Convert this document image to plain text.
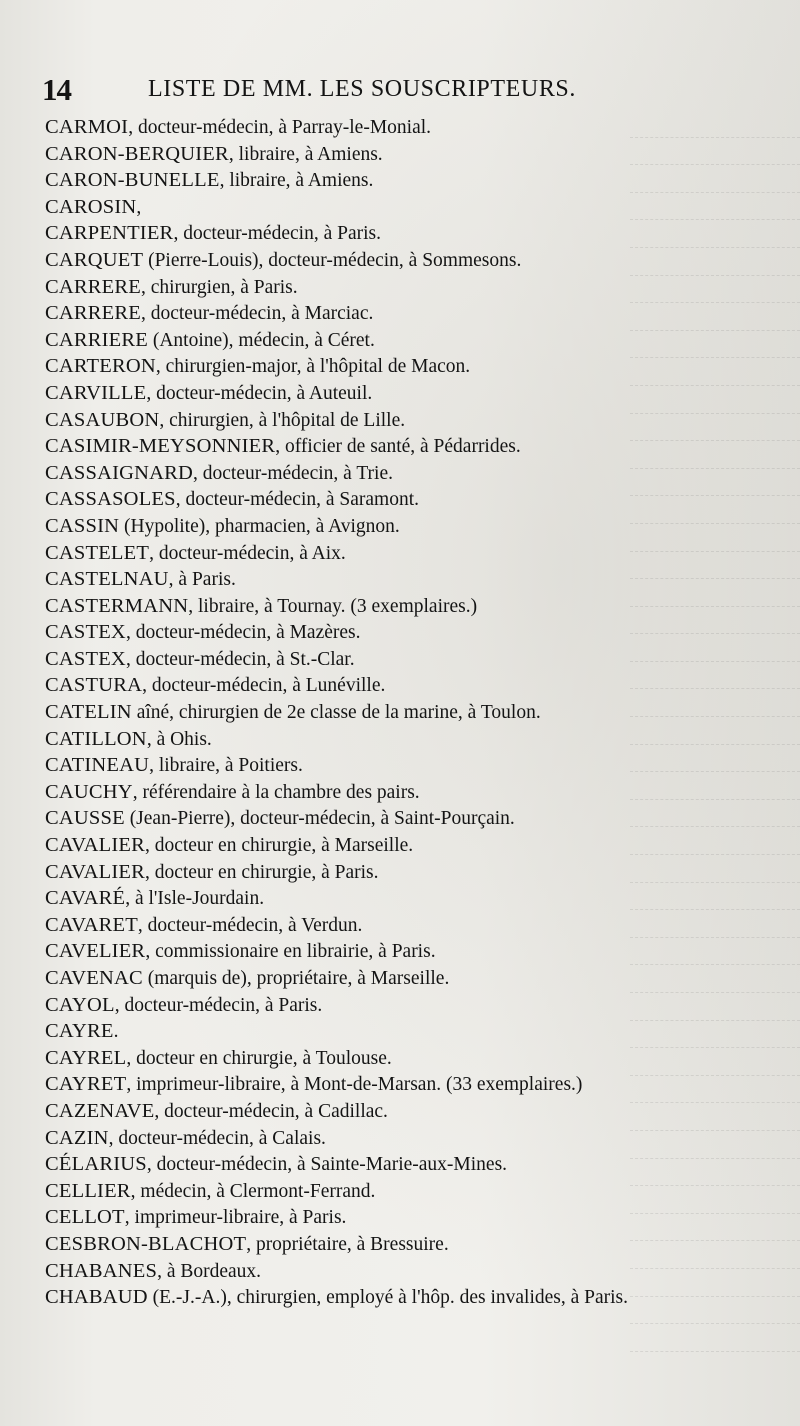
14	LISTE DE MM. LES SOUSCRIPTEURS.
CARMOI, docteur-médecin, à Parray-le-Monial.
CARON-BERQUIER, libraire, à Amiens.
CARON-BUNELLE, libraire, à Amiens.
CAROSIN,
CARPENTIER, docteur-médecin, à Paris.
CARQUET (Pierre-Louis), docteur-médecin, à Sommesons.
CARRERE, chirurgien, à Paris.
CARRERE, docteur-médecin, à Marciac.
CARRIERE (Antoine), médecin, à Céret.
CARTERON, chirurgien-major, à l'hôpital de Macon.
CARVILLE, docteur-médecin, à Auteuil.
CASAUBON, chirurgien, à l'hôpital de Lille.
CASIMIR-MEYSONNIER, officier de santé, à Pédarrides.
CASSAIGNARD, docteur-médecin, à Trie.
CASSASOLES, docteur-médecin, à Saramont.
CASSIN (Hypolite), pharmacien, à Avignon.
CASTELET, docteur-médecin, à Aix.
CASTELNAU, à Paris.
CASTERMANN, libraire, à Tournay. (3 exemplaires.)
CASTEX, docteur-médecin, à Mazères.
CASTEX, docteur-médecin, à St.-Clar.
CASTURA, docteur-médecin, à Lunéville.
CATELIN aîné, chirurgien de 2e classe de la marine, à Toulon.
CATILLON, à Ohis.
CATINEAU, libraire, à Poitiers.
CAUCHY, référendaire à la chambre des pairs.
CAUSSE (Jean-Pierre), docteur-médecin, à Saint-Pourçain.
CAVALIER, docteur en chirurgie, à Marseille.
CAVALIER, docteur en chirurgie, à Paris.
CAVARÉ, à l'Isle-Jourdain.
CAVARET, docteur-médecin, à Verdun.
CAVELIER, commissionaire en librairie, à Paris.
CAVENAC (marquis de), propriétaire, à Marseille.
CAYOL, docteur-médecin, à Paris.
CAYRE.
CAYREL, docteur en chirurgie, à Toulouse.
CAYRET, imprimeur-libraire, à Mont-de-Marsan. (33 exemplaires.)
CAZENAVE, docteur-médecin, à Cadillac.
CAZIN, docteur-médecin, à Calais.
CÉLARIUS, docteur-médecin, à Sainte-Marie-aux-Mines.
CELLIER, médecin, à Clermont-Ferrand.
CELLOT, imprimeur-libraire, à Paris.
CESBRON-BLACHOT, propriétaire, à Bressuire.
CHABANES, à Bordeaux.
CHABAUD (E.-J.-A.), chirurgien, employé à l'hôp. des invalides, à Paris.
